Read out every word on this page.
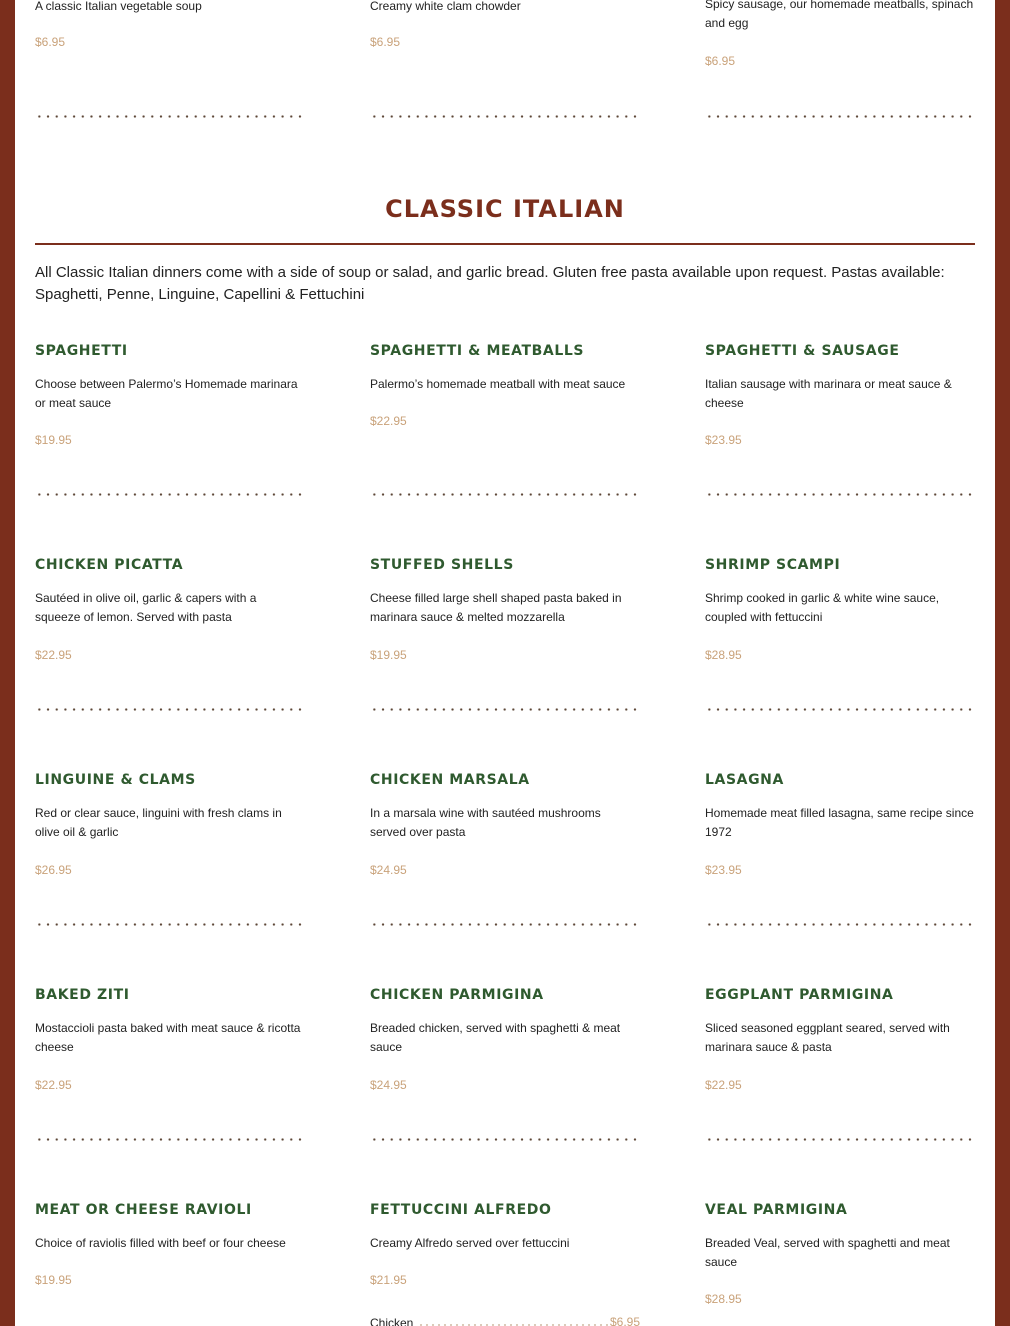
A classic Italian vegetable soup

$6.95

Creamy white clam chowder

$6.95

Spicy sausage, our homemade meatballs, spinach and egg

$6.95
CLASSIC ITALIAN
All Classic Italian dinners come with a side of soup or salad, and garlic bread. Gluten free pasta available upon request. Pastas available: Spaghetti, Penne, Linguine, Capellini & Fettuchini
SPAGHETTI

Choose between Palermo’s Homemade marinara or meat sauce

$19.95
SPAGHETTI & MEATBALLS

Palermo’s homemade meatball with meat sauce

$22.95
SPAGHETTI & SAUSAGE

Italian sausage with marinara or meat sauce & cheese

$23.95
CHICKEN PICATTA

Sautéed in olive oil, garlic & capers with a squeeze of lemon. Served with pasta

$22.95
STUFFED SHELLS

Cheese filled large shell shaped pasta baked in marinara sauce & melted mozzarella

$19.95
SHRIMP SCAMPI

Shrimp cooked in garlic & white wine sauce, coupled with fettuccini

$28.95
LINGUINE & CLAMS

Red or clear sauce, linguini with fresh clams in olive oil & garlic

$26.95
CHICKEN MARSALA

In a marsala wine with sautéed mushrooms served over pasta

$24.95
LASAGNA

Homemade meat filled lasagna, same recipe since 1972

$23.95
BAKED ZITI

Mostaccioli pasta baked with meat sauce & ricotta cheese

$22.95
CHICKEN PARMIGINA

Breaded chicken, served with spaghetti & meat sauce

$24.95
EGGPLANT PARMIGINA

Sliced seasoned eggplant seared, served with marinara sauce & pasta

$22.95
MEAT OR CHEESE RAVIOLI

Choice of raviolis filled with beef or four cheese

$19.95
FETTUCCINI ALFREDO

Creamy Alfredo served over fettuccini

$21.95
VEAL PARMIGINA

Breaded Veal, served with spaghetti and meat sauce

$28.95
Chicken	$6.95
